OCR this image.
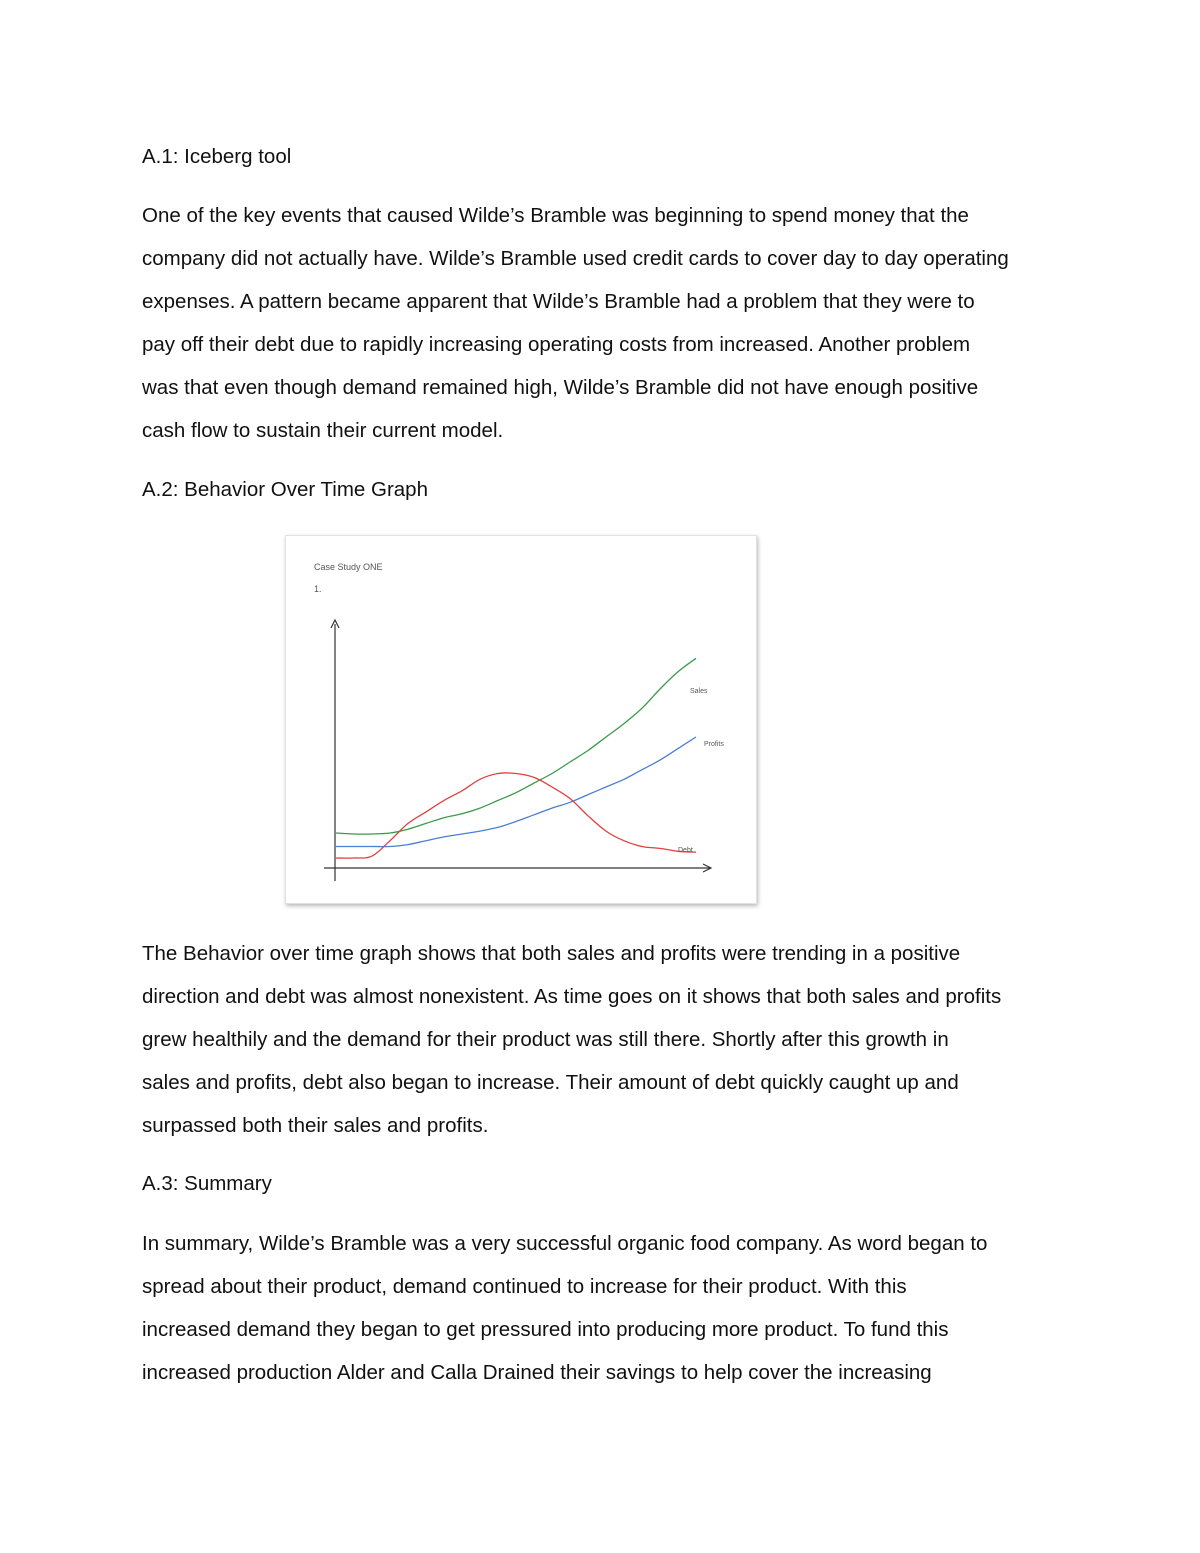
A.1: Iceberg tool
One of the key events that caused Wilde’s Bramble was beginning to spend money that the
company did not actually have. Wilde’s Bramble used credit cards to cover day to day operating
expenses. A pattern became apparent that Wilde’s Bramble had a problem that they were to
pay off their debt due to rapidly increasing operating costs from increased. Another problem
was that even though demand remained high, Wilde’s Bramble did not have enough positive
cash flow to sustain their current model.
A.2: Behavior Over Time Graph
Case Study ONE
1.
Sales
Profits
Debt
The Behavior over time graph shows that both sales and profits were trending in a positive
direction and debt was almost nonexistent. As time goes on it shows that both sales and profits
grew healthily and the demand for their product was still there. Shortly after this growth in
sales and profits, debt also began to increase. Their amount of debt quickly caught up and
surpassed both their sales and profits.
A.3: Summary
In summary, Wilde’s Bramble was a very successful organic food company. As word began to
spread about their product, demand continued to increase for their product. With this
increased demand they began to get pressured into producing more product. To fund this
increased production Alder and Calla Drained their savings to help cover the increasing
